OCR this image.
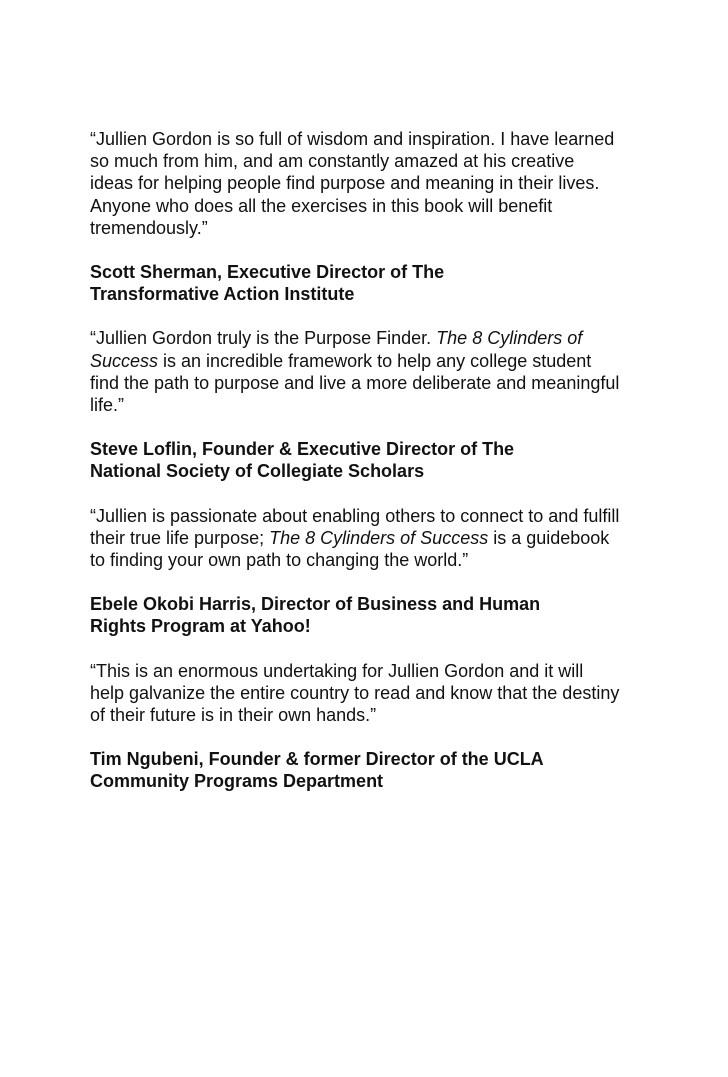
“Jullien Gordon is so full of wisdom and inspiration. I have learned so much from him, and am constantly amazed at his creative ideas for helping people find purpose and meaning in their lives. Anyone who does all the exercises in this book will benefit tremendously.”

Scott Sherman, Executive Director of The
Transformative Action Institute

“Jullien Gordon truly is the Purpose Finder. The 8 Cylinders of Success is an incredible framework to help any college student find the path to purpose and live a more deliberate and meaningful life.”

Steve Loflin, Founder & Executive Director of The
National Society of Collegiate Scholars

“Jullien is passionate about enabling others to connect to and fulfill their true life purpose; The 8 Cylinders of Success is a guidebook to finding your own path to changing the world.”

Ebele Okobi Harris, Director of Business and Human
Rights Program at Yahoo!

“This is an enormous undertaking for Jullien Gordon and it will help galvanize the entire country to read and know that the destiny of their future is in their own hands.”

Tim Ngubeni, Founder & former Director of the UCLA
Community Programs Department
